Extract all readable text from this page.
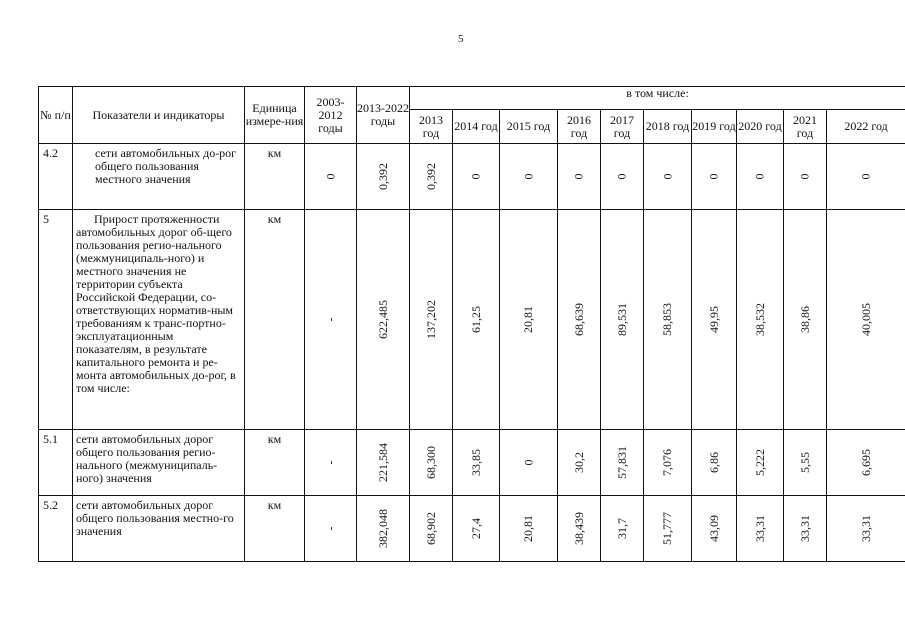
5
№ п/п	Показатели и индикаторы	Единица измере-ния	2003-2012 годы	2013-2022 годы	в том числе:									
					2013 год	2014 год	2015 год	2016 год	2017 год	2018 год	2019 год	2020 год	2021 год	2022 год
4.2	сети автомобильных до-рог общего пользования местного значения	км	0	0,392	0,392	0	0	0	0	0	0	0	0	0
5	Прирост протяженности автомобильных дорог об-щего пользования регио-нального (межмуниципаль-ного) и местного значения не территории субъекта Российской Федерации, со-ответствующих норматив-ным требованиям к транс-портно-эксплуатационным показателям, в результате капитального ремонта и ре-монта автомобильных до-рог, в том числе:	км	-	622,485	137,202	61,25	20,81	68,639	89,531	58,853	49,95	38,532	38,86	40,005
5.1	сети автомобильных дорог общего пользования регио-нального (межмуниципаль-ного) значения	км	-	221,584	68,300	33,85	0	30,2	57,831	7,076	6,86	5,222	5,55	6,695
5.2	сети автомобильных дорог общего пользования местно-го значения	км	-	382,048	68,902	27,4	20,81	38,439	31,7	51,777	43,09	33,31	33,31	33,31
